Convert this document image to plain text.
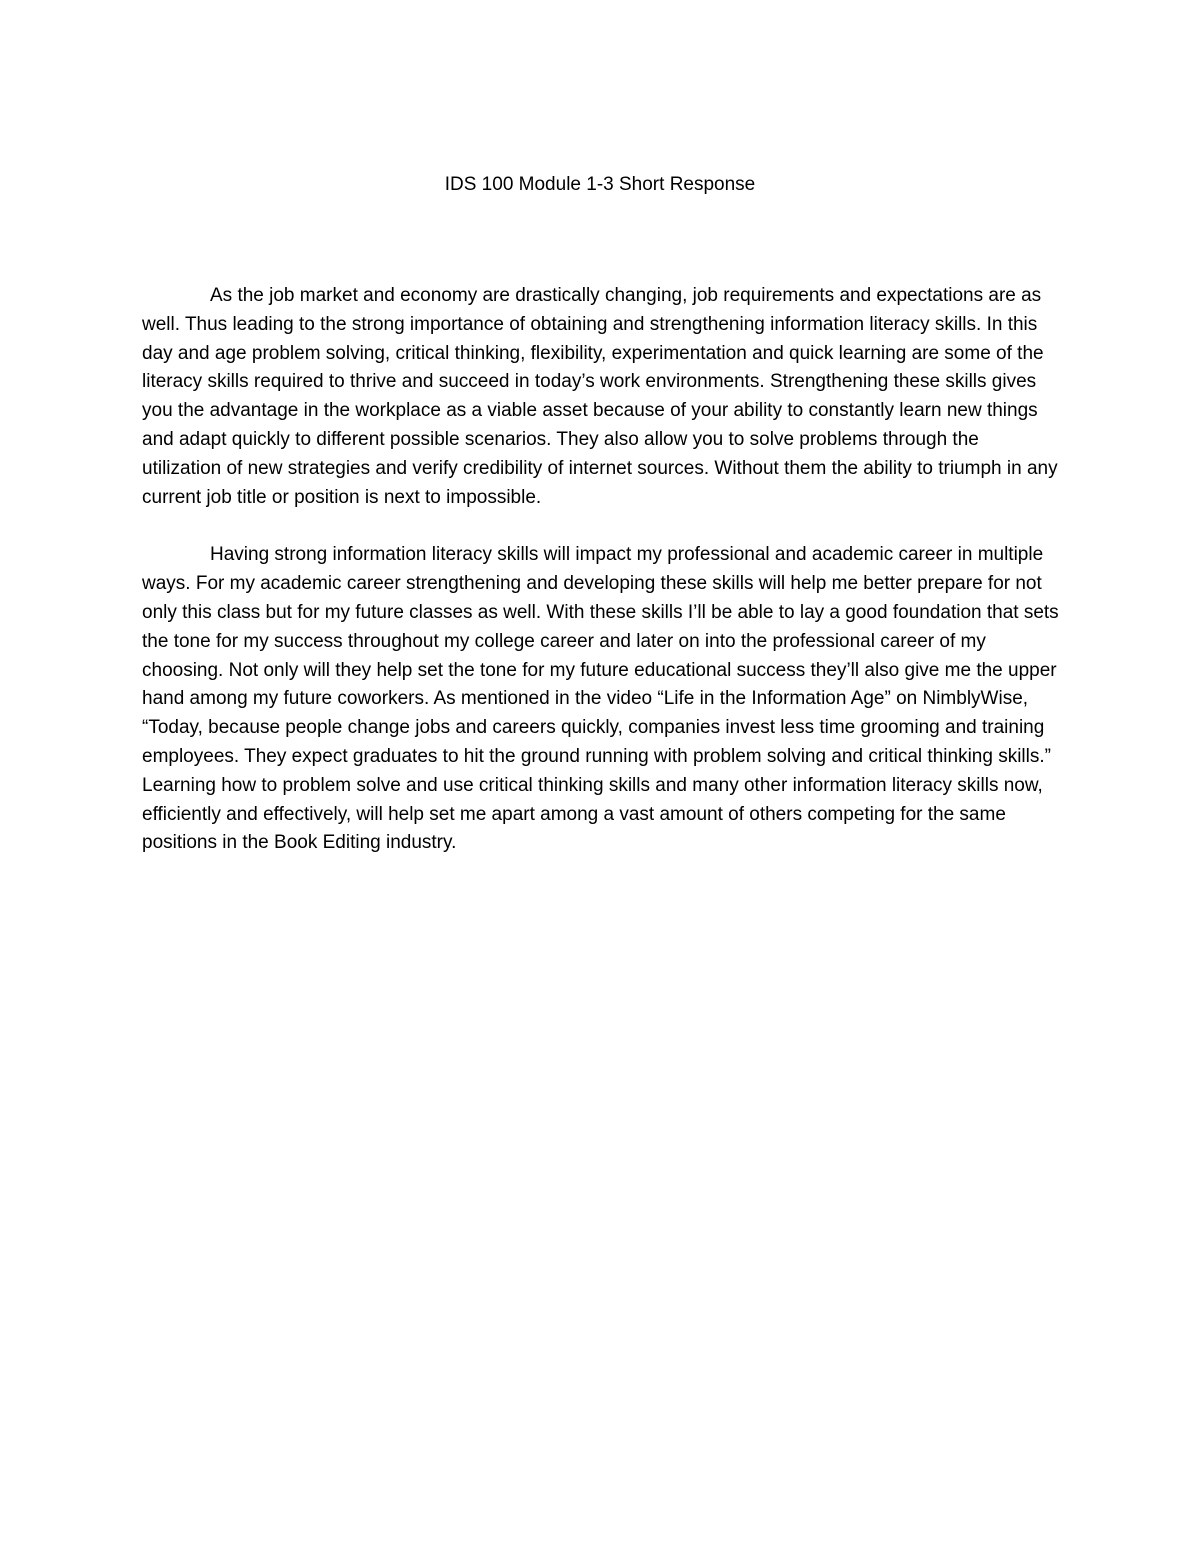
IDS 100 Module 1-3 Short Response

As the job market and economy are drastically changing, job requirements and expectations are as well. Thus leading to the strong importance of obtaining and strengthening information literacy skills. In this day and age problem solving, critical thinking, flexibility, experimentation and quick learning are some of the literacy skills required to thrive and succeed in today’s work environments. Strengthening these skills gives you the advantage in the workplace as a viable asset because of your ability to constantly learn new things and adapt quickly to different possible scenarios. They also allow you to solve problems through the utilization of new strategies and verify credibility of internet sources. Without them the ability to triumph in any current job title or position is next to impossible.

Having strong information literacy skills will impact my professional and academic career in multiple ways. For my academic career strengthening and developing these skills will help me better prepare for not only this class but for my future classes as well. With these skills I’ll be able to lay a good foundation that sets the tone for my success throughout my college career and later on into the professional career of my choosing. Not only will they help set the tone for my future educational success they’ll also give me the upper hand among my future coworkers. As mentioned in the video “Life in the Information Age” on NimblyWise, “Today, because people change jobs and careers quickly, companies invest less time grooming and training employees. They expect graduates to hit the ground running with problem solving and critical thinking skills.” Learning how to problem solve and use critical thinking skills and many other information literacy skills now, efficiently and effectively, will help set me apart among a vast amount of others competing for the same positions in the Book Editing industry.
